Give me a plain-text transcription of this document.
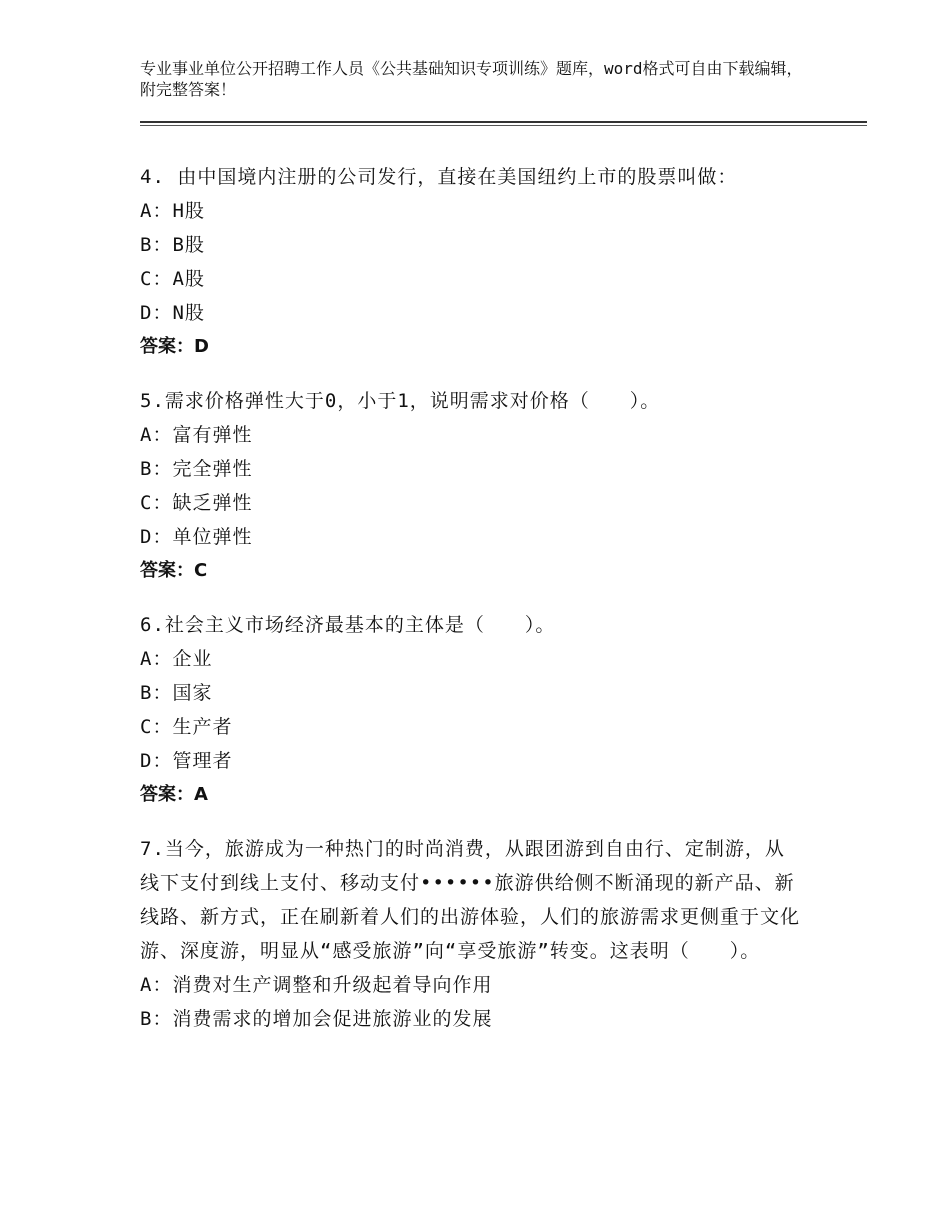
专业事业单位公开招聘工作人员《公共基础知识专项训练》题库，word格式可自由下载编辑，附完整答案！
4. 由中国境内注册的公司发行，直接在美国纽约上市的股票叫做：
A：H股
B：B股
C：A股
D：N股
答案：D
5.需求价格弹性大于0，小于1，说明需求对价格（　　）。
A：富有弹性
B：完全弹性
C：缺乏弹性
D：单位弹性
答案：C
6.社会主义市场经济最基本的主体是（　　）。
A：企业
B：国家
C：生产者
D：管理者
答案：A
7.当今，旅游成为一种热门的时尚消费，从跟团游到自由行、定制游，从线下支付到线上支付、移动支付••••••旅游供给侧不断涌现的新产品、新线路、新方式，正在刷新着人们的出游体验，人们的旅游需求更侧重于文化游、深度游，明显从“感受旅游”向“享受旅游”转变。这表明（　　）。
A：消费对生产调整和升级起着导向作用
B：消费需求的增加会促进旅游业的发展
